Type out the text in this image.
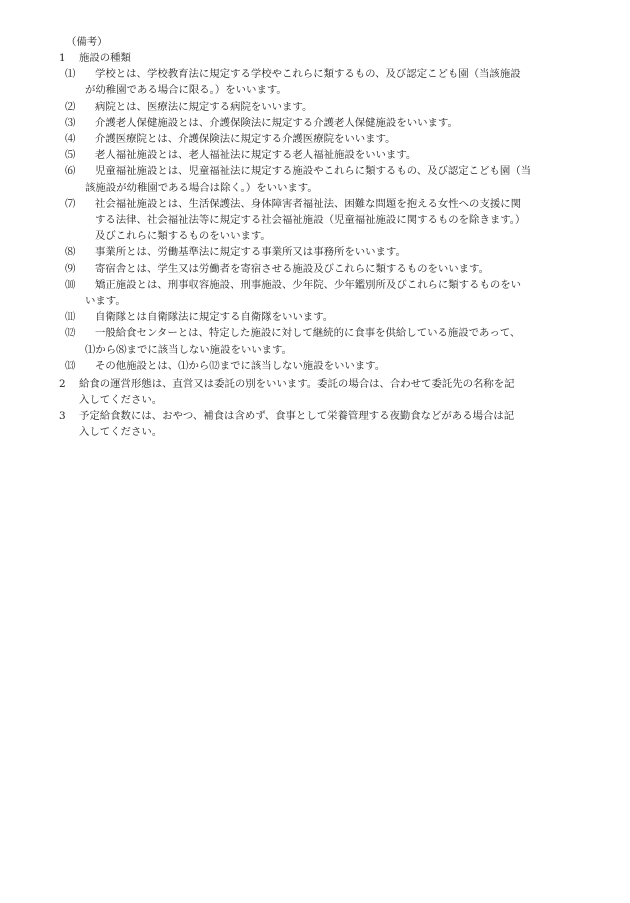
（備考）
1	施設の種類
⑴	学校とは、学校教育法に規定する学校やこれらに類するもの、及び認定こども園（当該施設
が幼稚園である場合に限る。）をいいます。
⑵	病院とは、医療法に規定する病院をいいます。
⑶	介護老人保健施設とは、介護保険法に規定する介護老人保健施設をいいます。
⑷	介護医療院とは、介護保険法に規定する介護医療院をいいます。
⑸	老人福祉施設とは、老人福祉法に規定する老人福祉施設をいいます。
⑹	児童福祉施設とは、児童福祉法に規定する施設やこれらに類するもの、及び認定こども園（当
該施設が幼稚園である場合は除く。）をいいます。
⑺	社会福祉施設とは、生活保護法、身体障害者福祉法、困難な問題を抱える女性への支援に関
する法律、社会福祉法等に規定する社会福祉施設（児童福祉施設に関するものを除きます。）
及びこれらに類するものをいいます。
⑻	事業所とは、労働基準法に規定する事業所又は事務所をいいます。
⑼	寄宿舎とは、学生又は労働者を寄宿させる施設及びこれらに類するものをいいます。
⑽	矯正施設とは、刑事収容施設、刑事施設、少年院、少年鑑別所及びこれらに類するものをい
います。
⑾	自衛隊とは自衛隊法に規定する自衛隊をいいます。
⑿	一般給食センターとは、特定した施設に対して継続的に食事を供給している施設であって、
⑴から⑻までに該当しない施設をいいます。
⒀	その他施設とは、⑴から⑿までに該当しない施設をいいます。
2	給食の運営形態は、直営又は委託の別をいいます。委託の場合は、合わせて委託先の名称を記
入してください。
3	予定給食数には、おやつ、補食は含めず、食事として栄養管理する夜勤食などがある場合は記
入してください。
